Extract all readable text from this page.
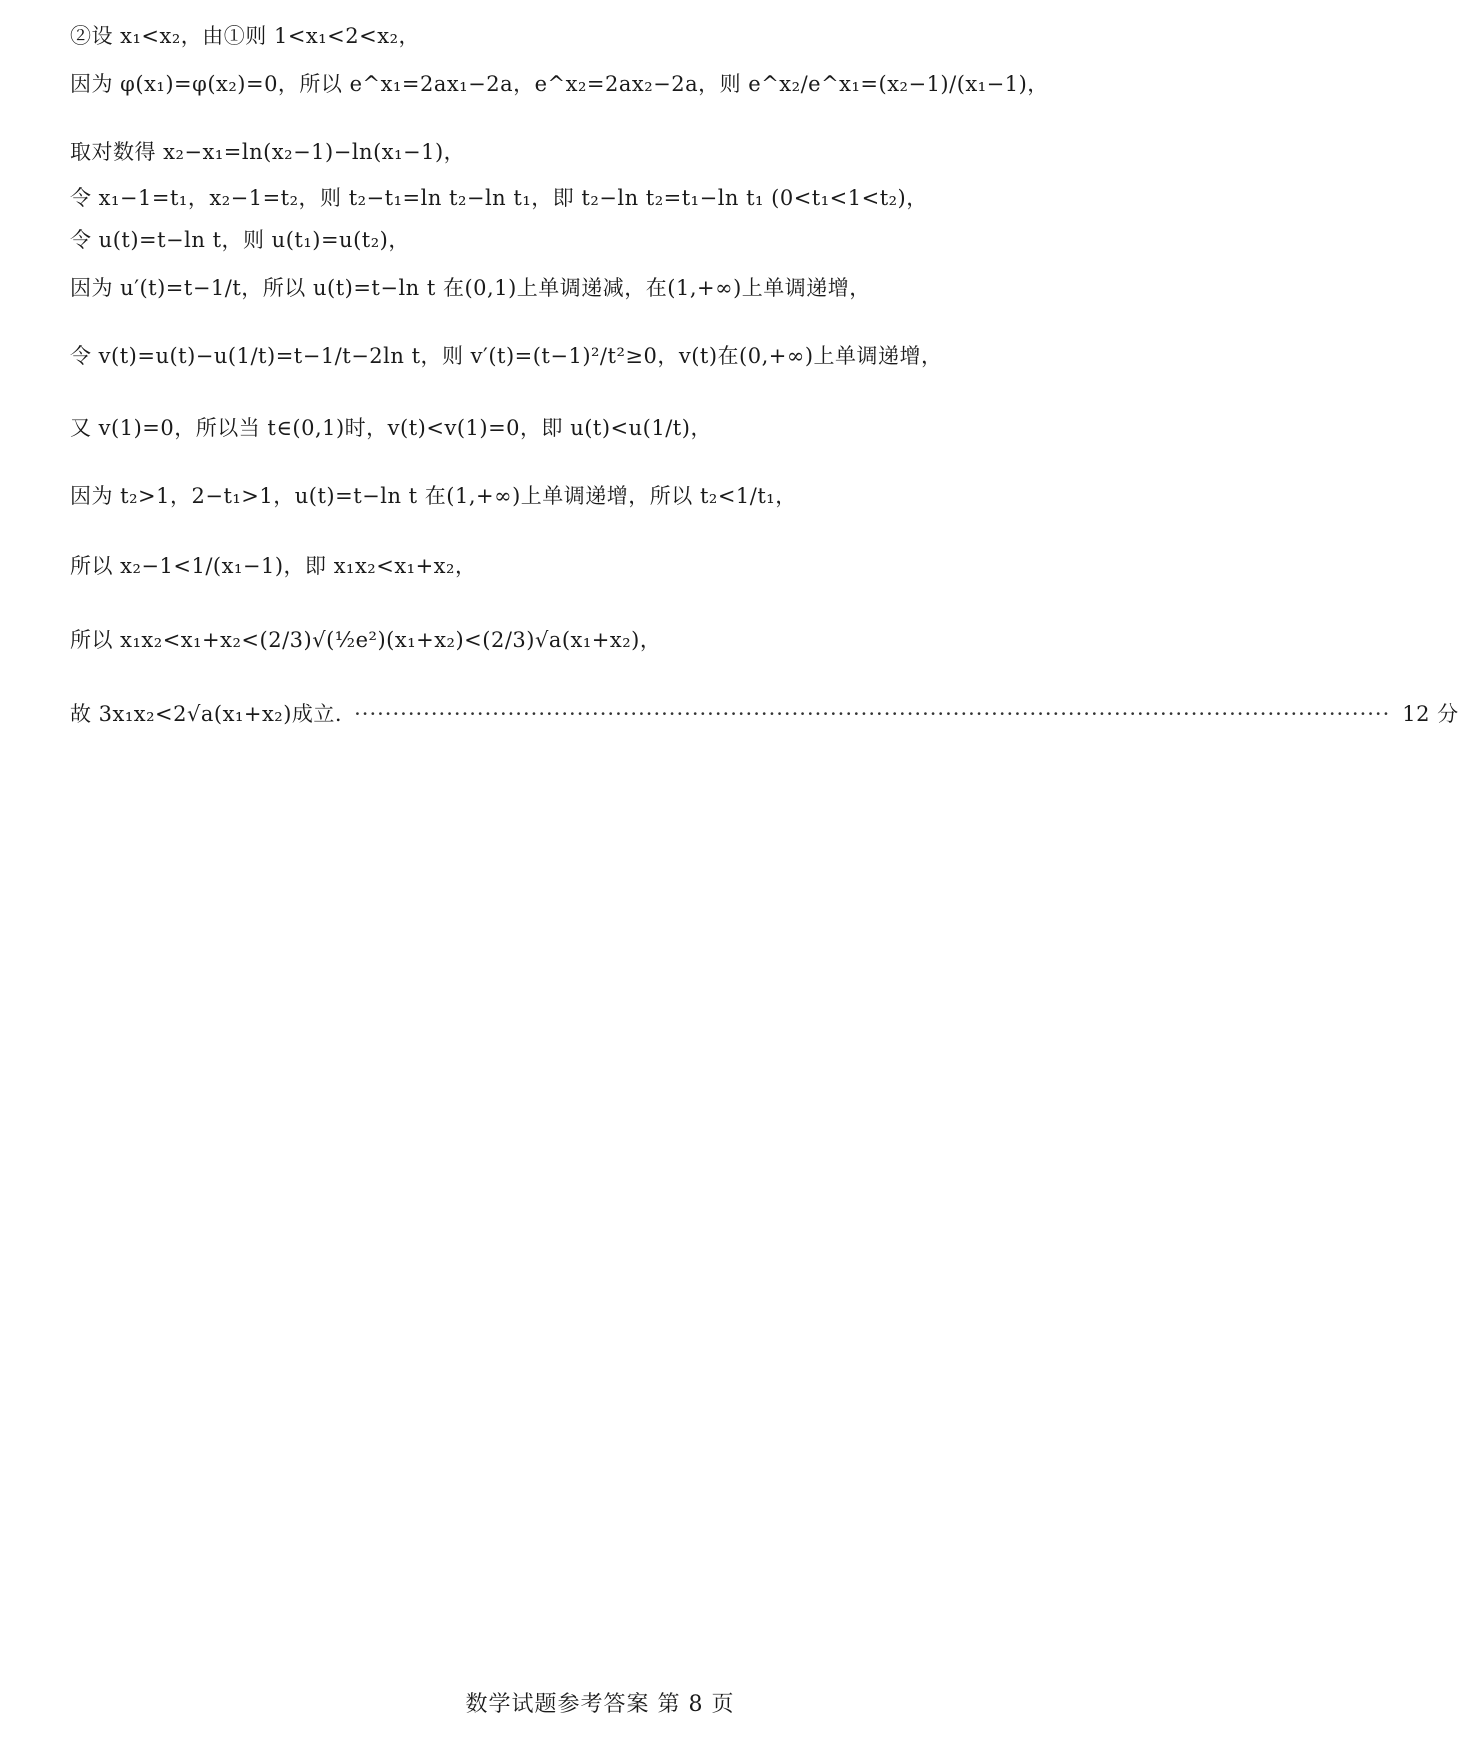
②设 x₁<x₂，由①则 1<x₁<2<x₂，
因为 φ(x₁)=φ(x₂)=0，所以 e^x₁=2ax₁−2a，e^x₂=2ax₂−2a，则 e^x₂/e^x₁=(x₂−1)/(x₁−1)，
取对数得 x₂−x₁=ln(x₂−1)−ln(x₁−1)，
令 x₁−1=t₁，x₂−1=t₂，则 t₂−t₁=ln t₂−ln t₁，即 t₂−ln t₂=t₁−ln t₁ (0<t₁<1<t₂)，
令 u(t)=t−ln t，则 u(t₁)=u(t₂)，
因为 u′(t)=t−1/t，所以 u(t)=t−ln t 在(0,1)上单调递减，在(1,+∞)上单调递增，
令 v(t)=u(t)−u(1/t)=t−1/t−2ln t，则 v′(t)=(t−1)²/t²≥0，v(t)在(0,+∞)上单调递增，
又 v(1)=0，所以当 t∈(0,1)时，v(t)<v(1)=0，即 u(t)<u(1/t)，
因为 t₂>1，2−t₁>1，u(t)=t−ln t 在(1,+∞)上单调递增，所以 t₂<1/t₁，
所以 x₂−1<1/(x₁−1)，即 x₁x₂<x₁+x₂，
所以 x₁x₂<x₁+x₂<(2/3)√(½e²)(x₁+x₂)<(2/3)√a(x₁+x₂)，
故 3x₁x₂<2√a(x₁+x₂)成立. ······································································································································· 12 分
数学试题参考答案 第 8 页
